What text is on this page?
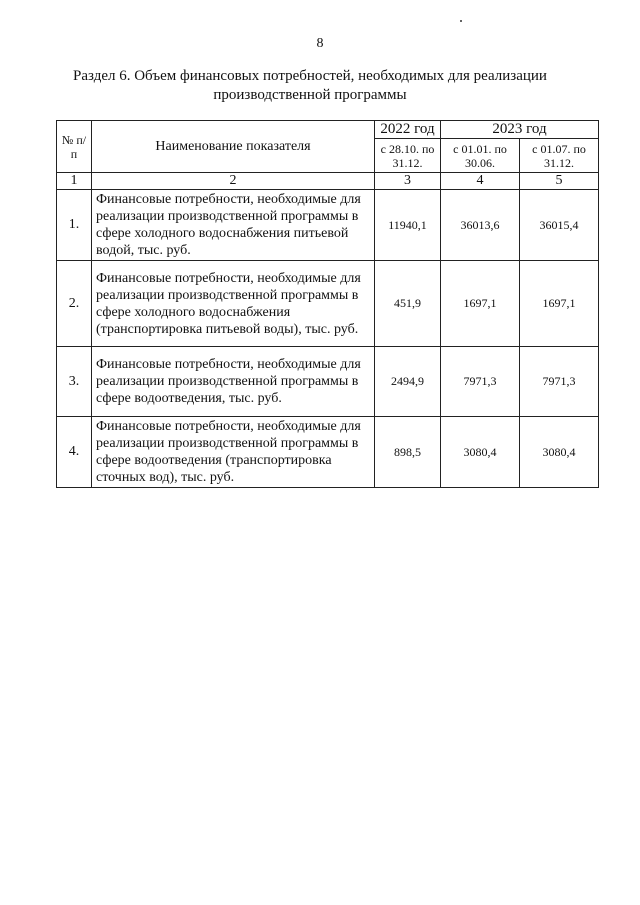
8
Раздел 6. Объем финансовых потребностей, необходимых для реализации
производственной программы
№ п/п	Наименование показателя	2022 год	2023 год	
		с 28.10. по 31.12.	с 01.01. по 30.06.	с 01.07. по 31.12.
1	2	3	4	5
1.	Финансовые потребности, необходимые для реализации производственной программы в сфере холодного водоснабжения питьевой водой, тыс. руб.	11940,1	36013,6	36015,4
2.	Финансовые потребности, необходимые для реализации производственной программы в сфере холодного водоснабжения (транспортировка питьевой воды), тыс. руб.	451,9	1697,1	1697,1
3.	Финансовые потребности, необходимые для реализации производственной программы в сфере водоотведения, тыс. руб.	2494,9	7971,3	7971,3
4.	Финансовые потребности, необходимые для реализации производственной программы в сфере водоотведения (транспортировка сточных вод), тыс. руб.	898,5	3080,4	3080,4
